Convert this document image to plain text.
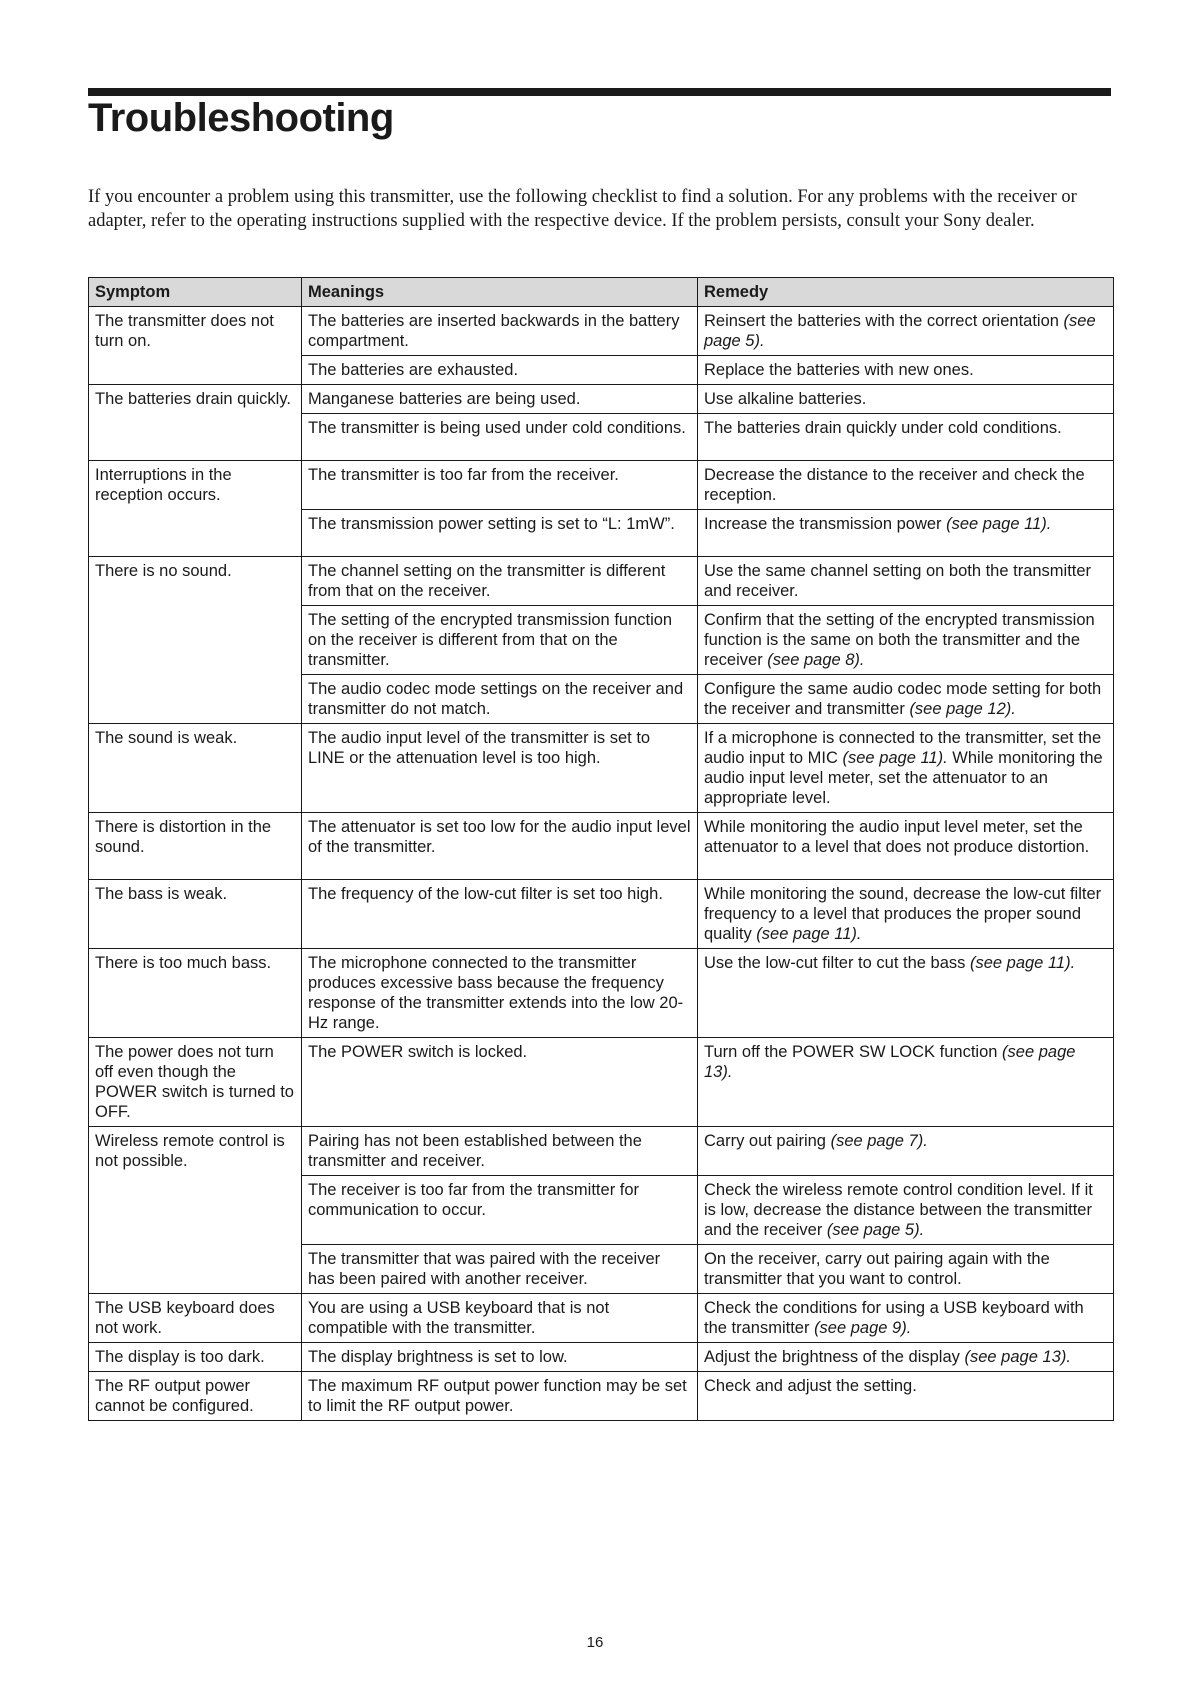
Troubleshooting

If you encounter a problem using this transmitter, use the following checklist to find a solution. For any problems with the receiver or adapter, refer to the operating instructions supplied with the respective device. If the problem persists, consult your Sony dealer.

Symptom	Meanings	Remedy
The transmitter does not turn on.	The batteries are inserted backwards in the battery compartment.	Reinsert the batteries with the correct orientation (see page 5).
	The batteries are exhausted.	Replace the batteries with new ones.
The batteries drain quickly.	Manganese batteries are being used.	Use alkaline batteries.
	The transmitter is being used under cold conditions.	The batteries drain quickly under cold conditions.
Interruptions in the reception occurs.	The transmitter is too far from the receiver.	Decrease the distance to the receiver and check the reception.
	The transmission power setting is set to “L: 1mW”.	Increase the transmission power (see page 11).
There is no sound.	The channel setting on the transmitter is different from that on the receiver.	Use the same channel setting on both the transmitter and receiver.
	The setting of the encrypted transmission function on the receiver is different from that on the transmitter.	Confirm that the setting of the encrypted transmission function is the same on both the transmitter and the receiver (see page 8).
	The audio codec mode settings on the receiver and transmitter do not match.	Configure the same audio codec mode setting for both the receiver and transmitter (see page 12).
The sound is weak.	The audio input level of the transmitter is set to LINE or the attenuation level is too high.	If a microphone is connected to the transmitter, set the audio input to MIC (see page 11). While monitoring the audio input level meter, set the attenuator to an appropriate level.
There is distortion in the sound.	The attenuator is set too low for the audio input level of the transmitter.	While monitoring the audio input level meter, set the attenuator to a level that does not produce distortion.
The bass is weak.	The frequency of the low-cut filter is set too high.	While monitoring the sound, decrease the low-cut filter frequency to a level that produces the proper sound quality (see page 11).
There is too much bass.	The microphone connected to the transmitter produces excessive bass because the frequency response of the transmitter extends into the low 20-Hz range.	Use the low-cut filter to cut the bass (see page 11).
The power does not turn off even though the POWER switch is turned to OFF.	The POWER switch is locked.	Turn off the POWER SW LOCK function (see page 13).
Wireless remote control is not possible.	Pairing has not been established between the transmitter and receiver.	Carry out pairing (see page 7).
	The receiver is too far from the transmitter for communication to occur.	Check the wireless remote control condition level. If it is low, decrease the distance between the transmitter and the receiver (see page 5).
	The transmitter that was paired with the receiver has been paired with another receiver.	On the receiver, carry out pairing again with the transmitter that you want to control.
The USB keyboard does not work.	You are using a USB keyboard that is not compatible with the transmitter.	Check the conditions for using a USB keyboard with the transmitter (see page 9).
The display is too dark.	The display brightness is set to low.	Adjust the brightness of the display (see page 13).
The RF output power cannot be configured.	The maximum RF output power function may be set to limit the RF output power.	Check and adjust the setting.
16
